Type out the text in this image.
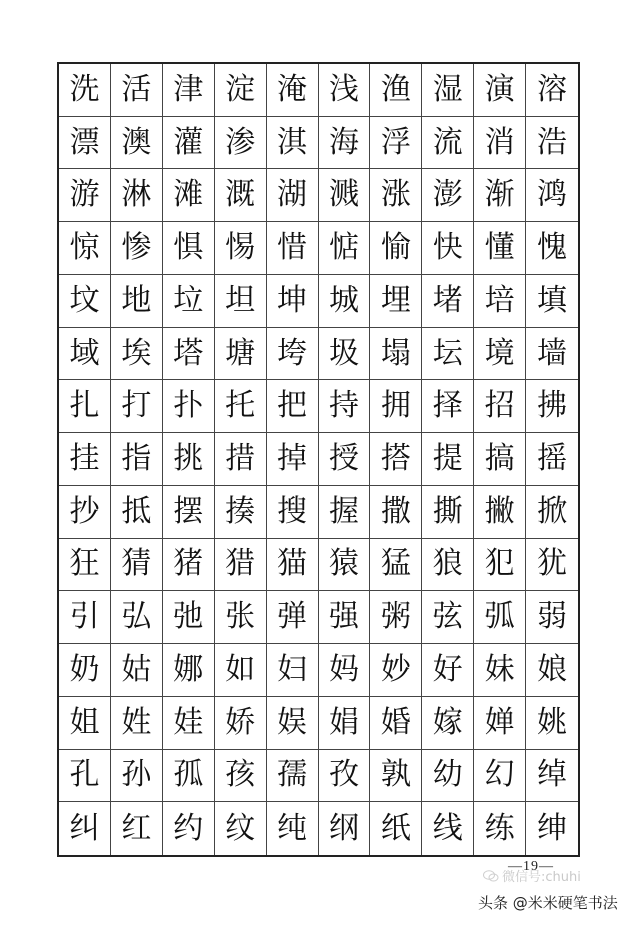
洗 活 津 淀 淹 浅 渔 湿 演 溶
漂 澳 灌 渗 淇 海 浮 流 消 浩
游 淋 滩 溉 湖 溅 涨 澎 渐 鸿
惊 惨 惧 惕 惜 惦 愉 快 懂 愧
坟 地 垃 坦 坤 城 埋 堵 培 填
域 埃 塔 塘 垮 圾 塌 坛 境 墙
扎 打 扑 托 把 持 拥 择 招 拂
挂 指 挑 措 掉 授 搭 提 搞 摇
抄 抵 摆 揍 搜 握 撒 撕 撇 掀
狂 猜 猪 猎 猫 猿 猛 狼 犯 犹
引 弘 弛 张 弹 强 粥 弦 弧 弱
奶 姑 娜 如 妇 妈 妙 好 妹 娘
姐 姓 娃 娇 娱 娟 婚 嫁 婵 姚
孔 孙 孤 孩 孺 孜 孰 幼 幻 绰
纠 红 约 纹 纯 纲 纸 线 练 绅
—19—
微信号:chuhi
头条 @米米硬笔书法
